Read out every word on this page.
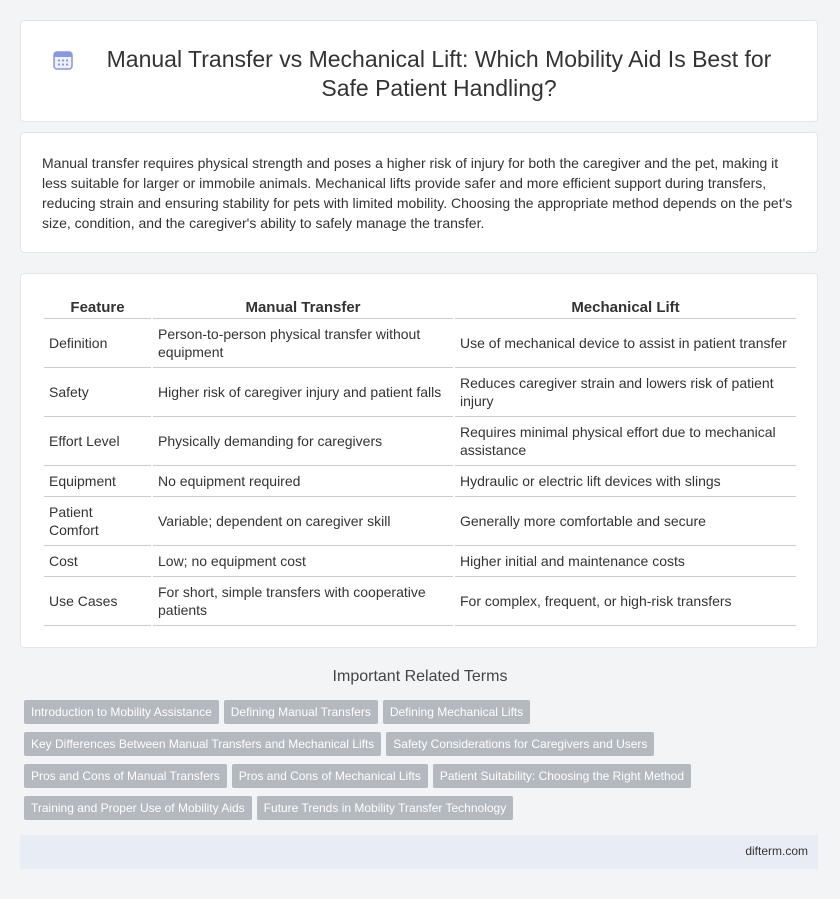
Manual Transfer vs Mechanical Lift: Which Mobility Aid Is Best for Safe Patient Handling?
Manual transfer requires physical strength and poses a higher risk of injury for both the caregiver and the pet, making it less suitable for larger or immobile animals. Mechanical lifts provide safer and more efficient support during transfers, reducing strain and ensuring stability for pets with limited mobility. Choosing the appropriate method depends on the pet's size, condition, and the caregiver's ability to safely manage the transfer.
Feature	Manual Transfer	Mechanical Lift
Definition	Person-to-person physical transfer without equipment	Use of mechanical device to assist in patient transfer
Safety	Higher risk of caregiver injury and patient falls	Reduces caregiver strain and lowers risk of patient injury
Effort Level	Physically demanding for caregivers	Requires minimal physical effort due to mechanical assistance
Equipment	No equipment required	Hydraulic or electric lift devices with slings
Patient Comfort	Variable; dependent on caregiver skill	Generally more comfortable and secure
Cost	Low; no equipment cost	Higher initial and maintenance costs
Use Cases	For short, simple transfers with cooperative patients	For complex, frequent, or high-risk transfers
Important Related Terms
Introduction to Mobility Assistance Defining Manual Transfers Defining Mechanical Lifts
Key Differences Between Manual Transfers and Mechanical Lifts Safety Considerations for Caregivers and Users
Pros and Cons of Manual Transfers Pros and Cons of Mechanical Lifts Patient Suitability: Choosing the Right Method
Training and Proper Use of Mobility Aids Future Trends in Mobility Transfer Technology
difterm.com
